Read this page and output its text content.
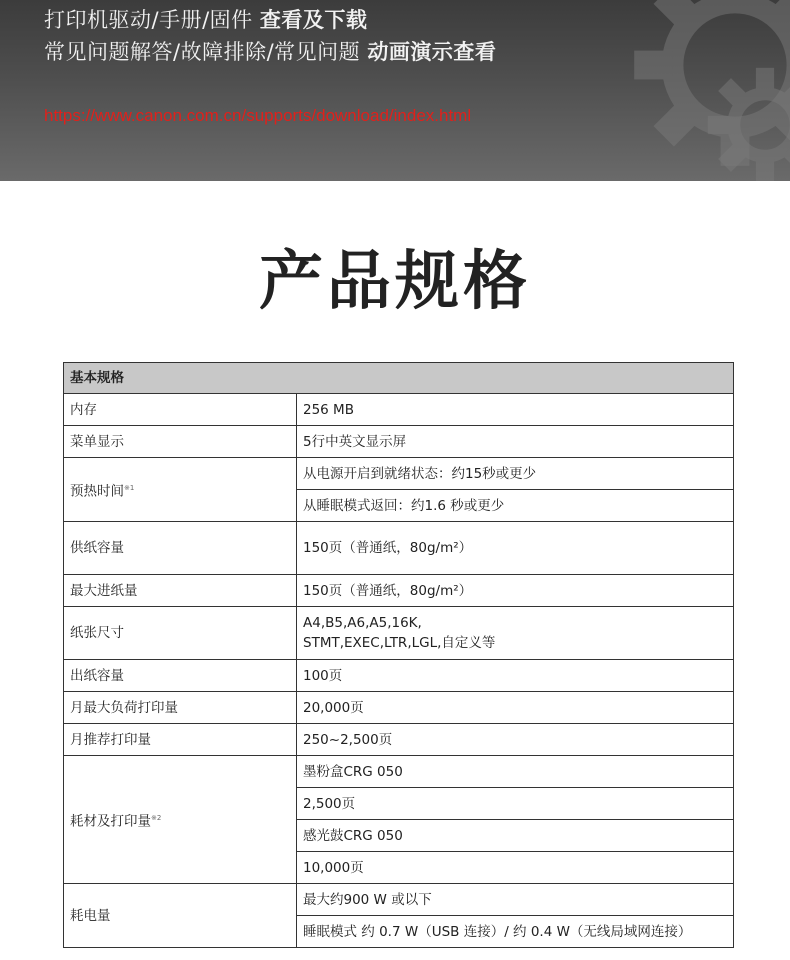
打印机驱动/手册/固件 查看及下载
常见问题解答/故障排除/常见问题 动画演示查看
https://www.canon.com.cn/supports/download/index.html
产品规格
基本规格	
内存	256 MB
菜单显示	5行中英文显示屏
预热时间$^{※1}$	从电源开启到就绪状态：约15秒或更少
	从睡眠模式返回：约1.6 秒或更少
供纸容量	150页（普通纸，80g/m²）
最大进纸量	150页（普通纸，80g/m²）
纸张尺寸	A4,B5,A6,A5,16K,
STMT,EXEC,LTR,LGL,自定义等

出纸容量	100页
月最大负荷打印量	20,000页
月推荐打印量	250~2,500页
耗材及打印量$^{※2}$	墨粉盒CRG 050
	2,500页
	感光鼓CRG 050
	10,000页
耗电量	最大约900 W 或以下
	睡眠模式 约 0.7 W（USB 连接）/ 约 0.4 W（无线局域网连接）
